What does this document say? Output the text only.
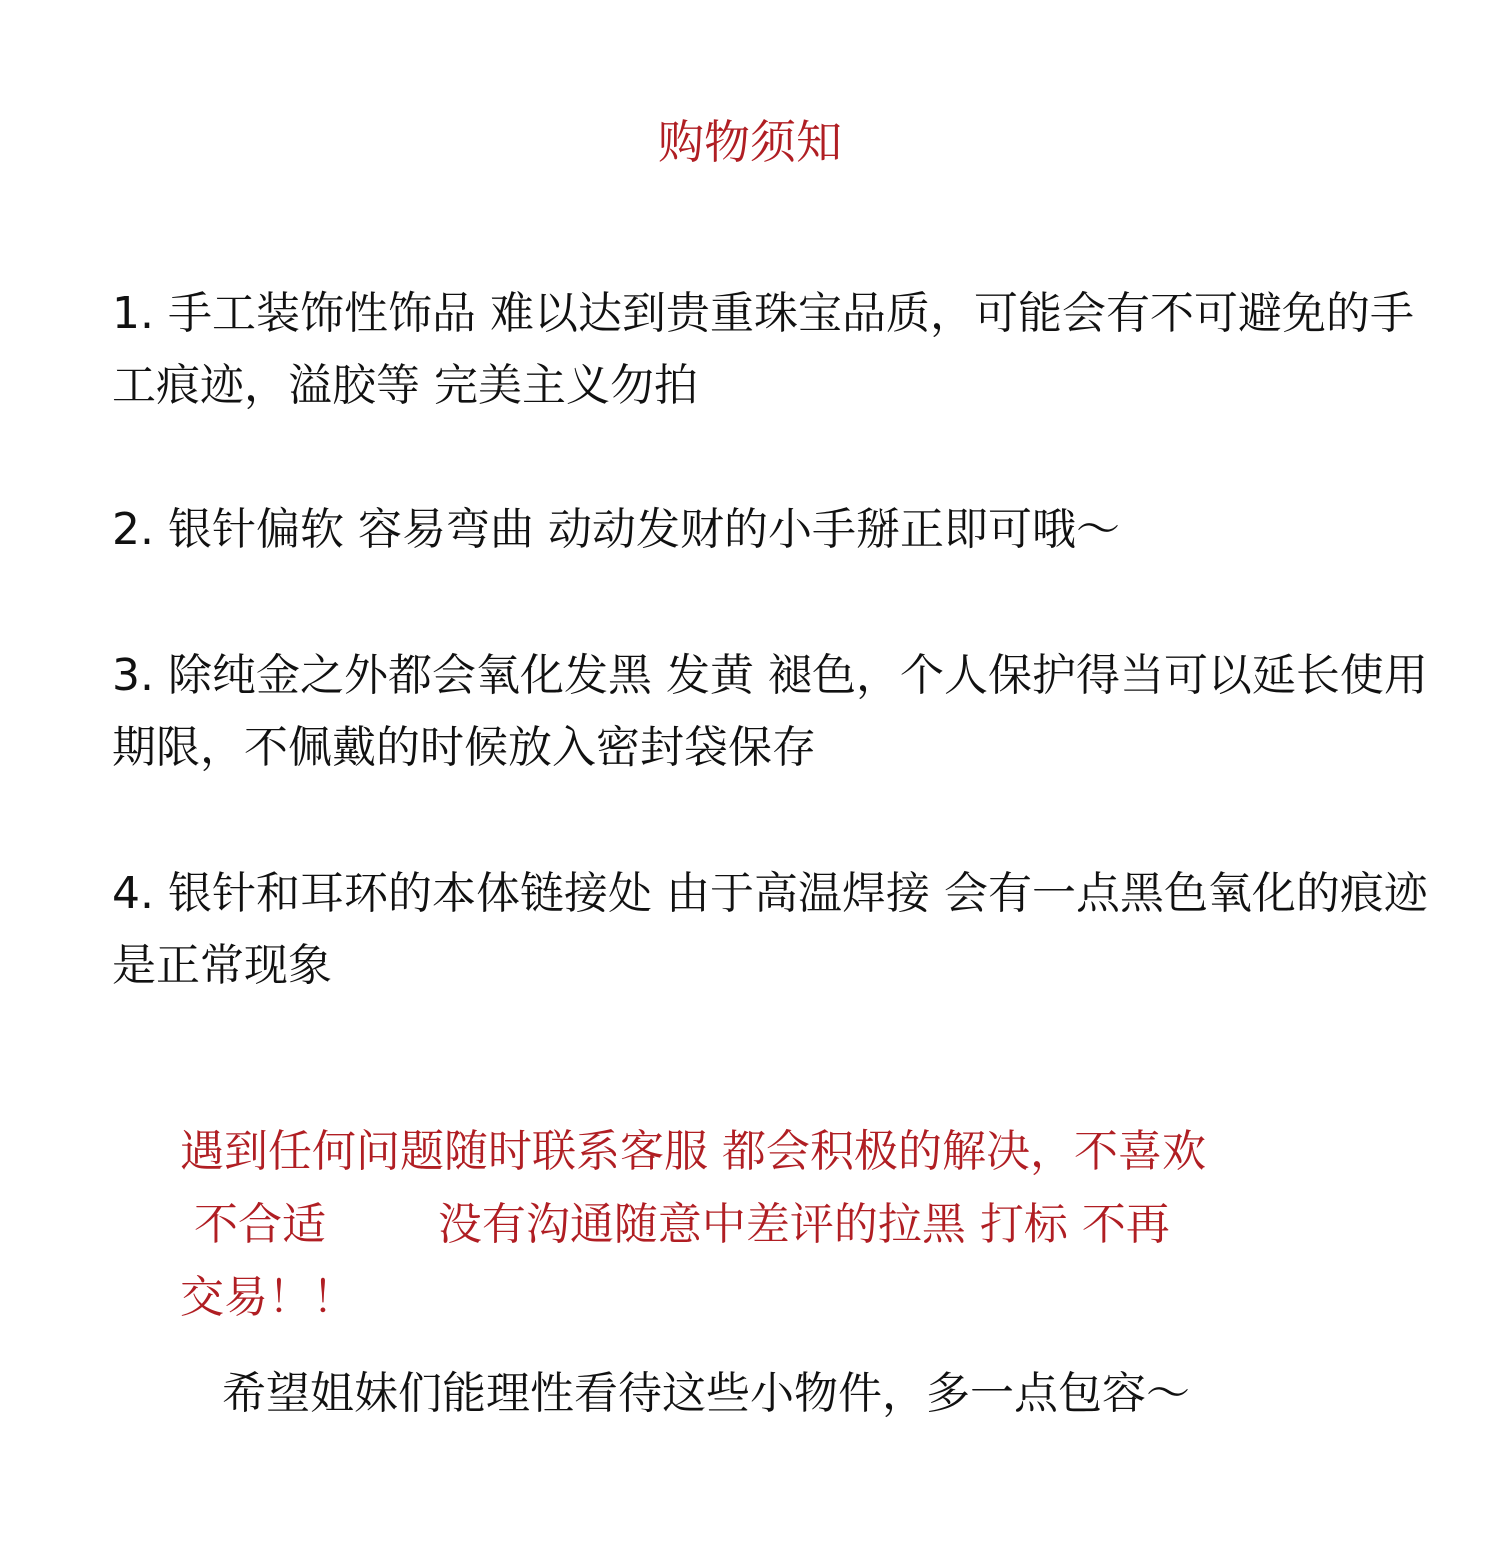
购物须知

1. 手工装饰性饰品 难以达到贵重珠宝品质，可能会有不可避免的手工痕迹，溢胶等 完美主义勿拍

2. 银针偏软 容易弯曲 动动发财的小手掰正即可哦～

3. 除纯金之外都会氧化发黑 发黄 褪色，个人保护得当可以延长使用期限，不佩戴的时候放入密封袋保存

4. 银针和耳环的本体链接处 由于高温焊接 会有一点黑色氧化的痕迹 是正常现象

遇到任何问题随时联系客服 都会积极的解决，不喜欢
不合适        没有沟通随意中差评的拉黑 打标 不再
交易！！

希望姐妹们能理性看待这些小物件，多一点包容～
